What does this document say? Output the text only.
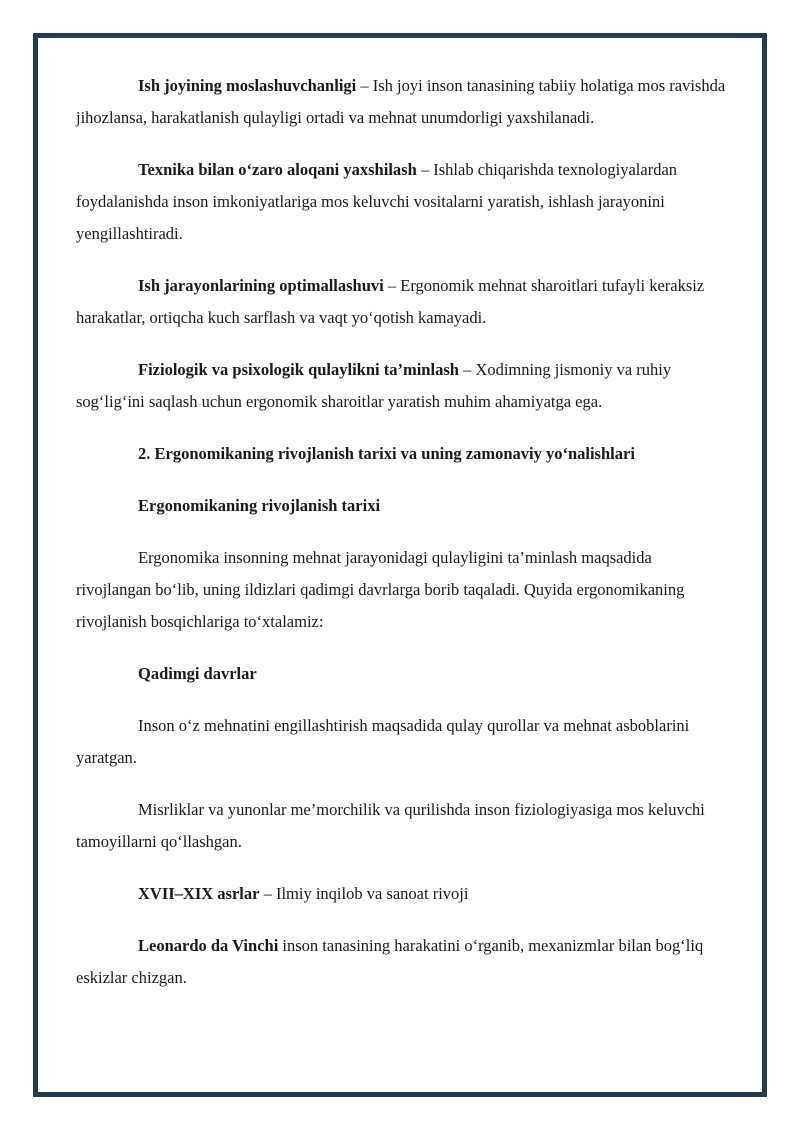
Ish joyining moslashuvchanligi – Ish joyi inson tanasining tabiiy holatiga mos ravishda jihozlansa, harakatlanish qulayligi ortadi va mehnat unumdorligi yaxshilanadi.

Texnika bilan o‘zaro aloqani yaxshilash – Ishlab chiqarishda texnologiyalardan foydalanishda inson imkoniyatlariga mos keluvchi vositalarni yaratish, ishlash jarayonini yengillashtiradi.

Ish jarayonlarining optimallashuvi – Ergonomik mehnat sharoitlari tufayli keraksiz harakatlar, ortiqcha kuch sarflash va vaqt yo‘qotish kamayadi.

Fiziologik va psixologik qulaylikni ta’minlash – Xodimning jismoniy va ruhiy sog‘lig‘ini saqlash uchun ergonomik sharoitlar yaratish muhim ahamiyatga ega.

2. Ergonomikaning rivojlanish tarixi va uning zamonaviy yo‘nalishlari

Ergonomikaning rivojlanish tarixi

Ergonomika insonning mehnat jarayonidagi qulayligini ta’minlash maqsadida rivojlangan bo‘lib, uning ildizlari qadimgi davrlarga borib taqaladi. Quyida ergonomikaning rivojlanish bosqichlariga to‘xtalamiz:

Qadimgi davrlar

Inson o‘z mehnatini engillashtirish maqsadida qulay qurollar va mehnat asboblarini yaratgan.

Misrliklar va yunonlar me’morchilik va qurilishda inson fiziologiyasiga mos keluvchi tamoyillarni qo‘llashgan.

XVII–XIX asrlar – Ilmiy inqilob va sanoat rivoji

Leonardo da Vinchi inson tanasining harakatini o‘rganib, mexanizmlar bilan bog‘liq eskizlar chizgan.
